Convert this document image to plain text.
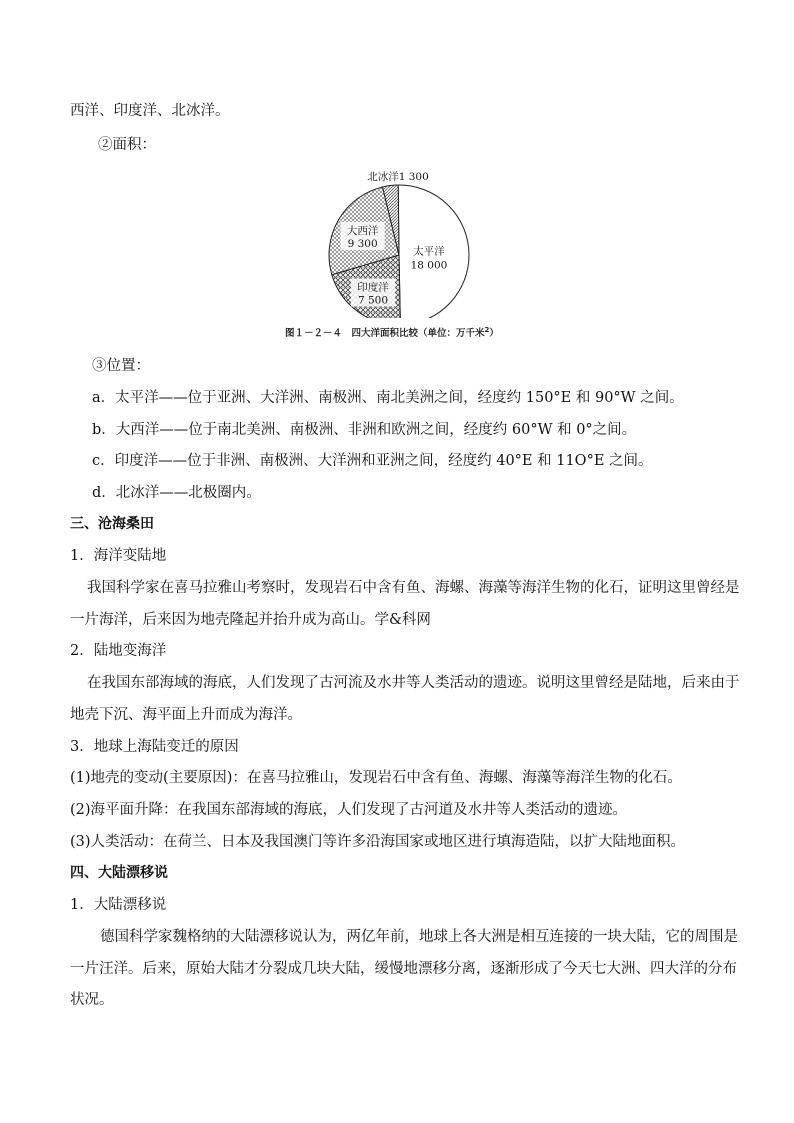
西洋、印度洋、北冰洋。
②面积：
太平洋
18 000
印度洋
7 500
大西洋
9 300
北冰洋1 300
图１－２－４　四大洋面积比较（单位：万千米$^2$）
③位置：
a．太平洋——位于亚洲、大洋洲、南极洲、南北美洲之间，经度约 150°E 和 90°W 之间。
b．大西洋——位于南北美洲、南极洲、非洲和欧洲之间，经度约 60°W 和 0°之间。
c．印度洋——位于非洲、南极洲、大洋洲和亚洲之间，经度约 40°E 和 11O°E 之间。
d．北冰洋——北极圈内。
三、沧海桑田
1．海洋变陆地
我国科学家在喜马拉雅山考察时，发现岩石中含有鱼、海螺、海藻等海洋生物的化石，证明这里曾经是
一片海洋，后来因为地壳隆起并抬升成为高山。学&科网
2．陆地变海洋
在我国东部海域的海底，人们发现了古河流及水井等人类活动的遗迹。说明这里曾经是陆地，后来由于
地壳下沉、海平面上升而成为海洋。
3．地球上海陆变迁的原因
(1)地壳的变动(主要原因)：在喜马拉雅山，发现岩石中含有鱼、海螺、海藻等海洋生物的化石。
(2)海平面升降：在我国东部海域的海底，人们发现了古河道及水井等人类活动的遗迹。
(3)人类活动：在荷兰、日本及我国澳门等许多沿海国家或地区进行填海造陆，以扩大陆地面积。
四、大陆漂移说
1．大陆漂移说
德国科学家魏格纳的大陆漂移说认为，两亿年前，地球上各大洲是相互连接的一块大陆，它的周围是
一片汪洋。后来，原始大陆才分裂成几块大陆，缓慢地漂移分离，逐渐形成了今天七大洲、四大洋的分布
状况。
